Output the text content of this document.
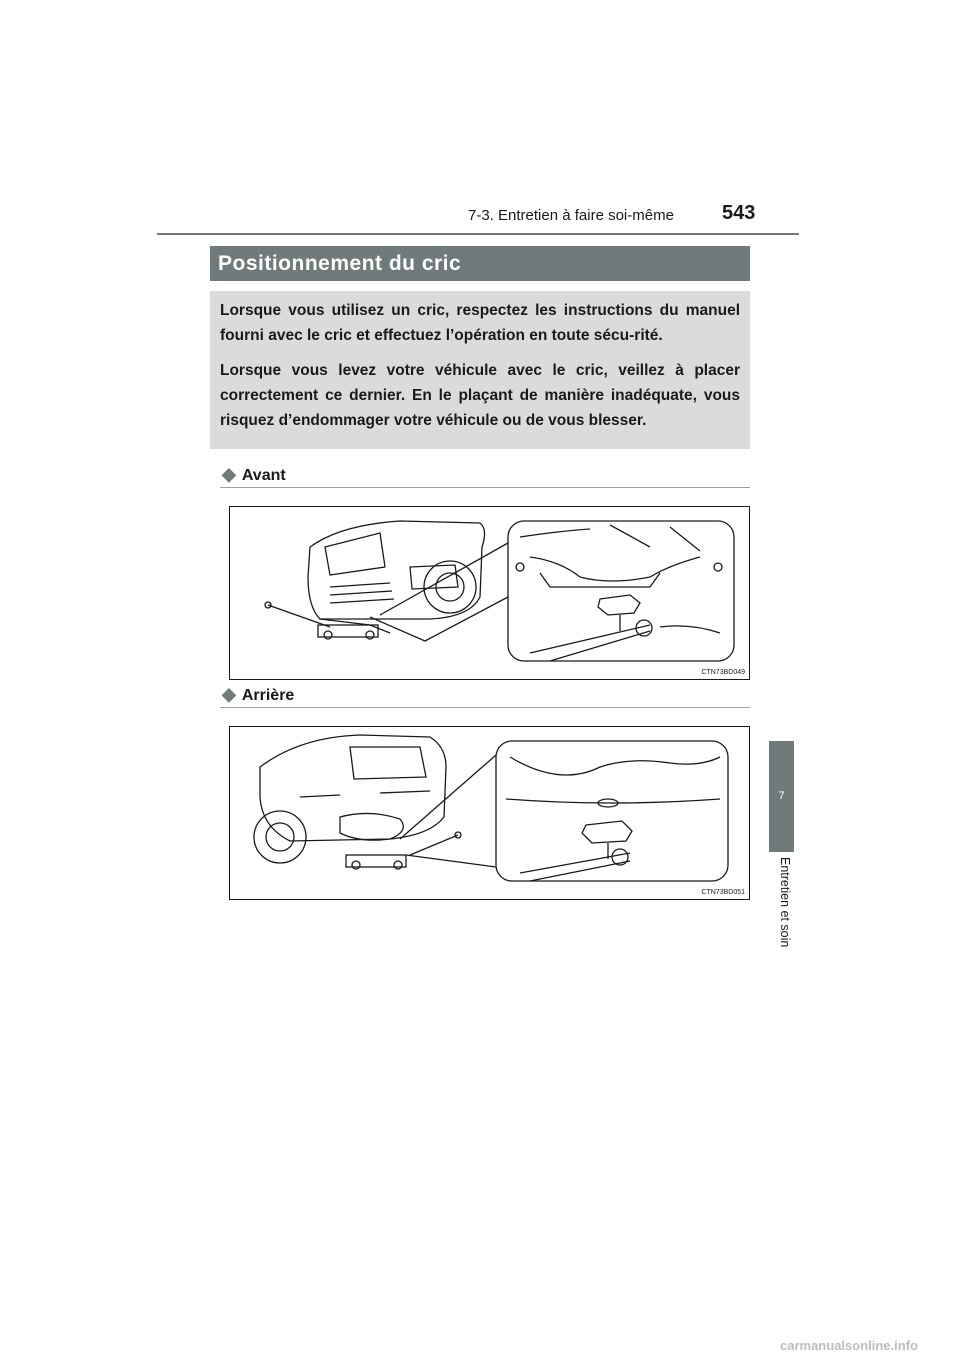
7-3. Entretien à faire soi-même 543
Positionnement du cric

Lorsque vous utilisez un cric, respectez les instructions du manuel fourni avec le cric et effectuez l’opération en toute sécu-rité.

Lorsque vous levez votre véhicule avec le cric, veillez à placer correctement ce dernier. En le plaçant de manière inadéquate, vous risquez d’endommager votre véhicule ou de vous blesser.

◆ Avant
CTN73BD049
◆ Arrière
CTN73BD051
7
Entretien et soin
carmanualsonline.info
